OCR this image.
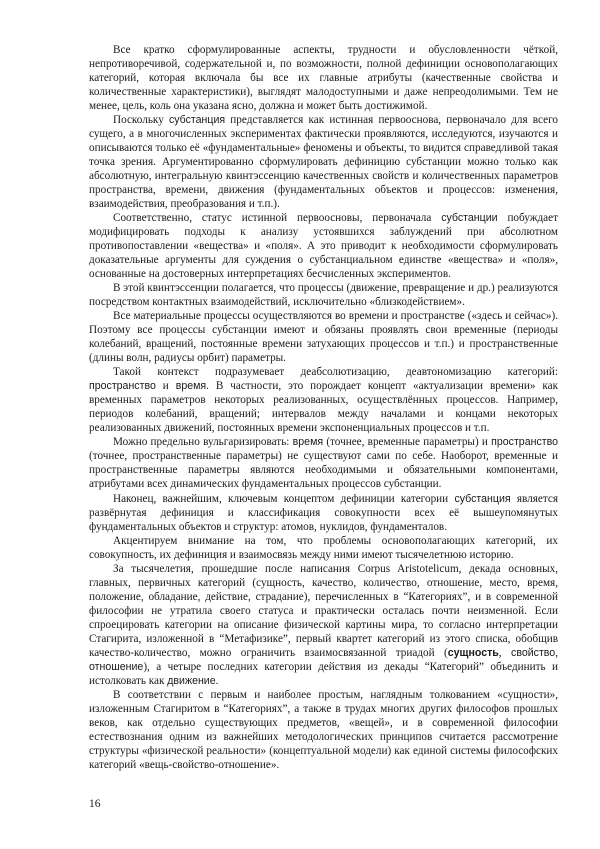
Все кратко сформулированные аспекты, трудности и обусловленности чёткой, непротиворечивой, содержательной и, по возможности, полной дефиниции основополагающих категорий, которая включала бы все их главные атрибуты (качественные свойства и количественные характеристики), выглядят малодоступными и даже непреодолимыми. Тем не менее, цель, коль она указана ясно, должна и может быть достижимой.

Поскольку субстанция представляется как истинная первооснова, первоначало для всего сущего, а в многочисленных экспериментах фактически проявляются, исследуются, изучаются и описываются только её «фундаментальные» феномены и объекты, то видится справедливой такая точка зрения. Аргументированно сформулировать дефиницию субстанции можно только как абсолютную, интегральную квинтэссенцию качественных свойств и количественных параметров пространства, времени, движения (фундаментальных объектов и процессов: изменения, взаимодействия, преобразования и т.п.).

Соответственно, статус истинной первоосновы, первоначала субстанции побуждает модифицировать подходы к анализу устоявшихся заблуждений при абсолютном противопоставлении «вещества» и «поля». А это приводит к необходимости сформулировать доказательные аргументы для суждения о субстанциальном единстве «вещества» и «поля», основанные на достоверных интерпретациях бесчисленных экспериментов.

В этой квинтэссенции полагается, что процессы (движение, превращение и др.) реализуются посредством контактных взаимодействий, исключительно «близкодействием».

Все материальные процессы осуществляются во времени и пространстве («здесь и сейчас»). Поэтому все процессы субстанции имеют и обязаны проявлять свои временные (периоды колебаний, вращений, постоянные времени затухающих процессов и т.п.) и пространственные (длины волн, радиусы орбит) параметры.

Такой контекст подразумевает деабсолютизацию, деавтономизацию категорий: пространство и время. В частности, это порождает концепт «актуализации времени» как временных параметров некоторых реализованных, осуществлённых процессов. Например, периодов колебаний, вращений; интервалов между началами и концами некоторых реализованных движений, постоянных времени экспоненциальных процессов и т.п.

Можно предельно вульгаризировать: время (точнее, временные параметры) и пространство (точнее, пространственные параметры) не существуют сами по себе. Наоборот, временные и пространственные параметры являются необходимыми и обязательными компонентами, атрибутами всех динамических фундаментальных процессов субстанции.

Наконец, важнейшим, ключевым концептом дефиниции категории субстанция является развёрнутая дефиниция и классификация совокупности всех её вышеупомянутых фундаментальных объектов и структур: атомов, нуклидов, фундаменталов.

Акцентируем внимание на том, что проблемы основополагающих категорий, их совокупность, их дефиниция и взаимосвязь между ними имеют тысячелетнюю историю.

За тысячелетия, прошедшие после написания Corpus Aristotelicum, декада основных, главных, первичных категорий (сущность, качество, количество, отношение, место, время, положение, обладание, действие, страдание), перечисленных в “Категориях”, и в современной философии не утратила своего статуса и практически осталась почти неизменной. Если спроецировать категории на описание физической картины мира, то согласно интерпретации Стагирита, изложенной в “Метафизике”, первый квартет категорий из этого списка, обобщив качество-количество, можно ограничить взаимосвязанной триадой (сущность, свойство, отношение), а четыре последних категории действия из декады “Категорий” объединить и истолковать как движение.

В соответствии с первым и наиболее простым, наглядным толкованием «сущности», изложенным Стагиритом в “Категориях”, а также в трудах многих других философов прошлых веков, как отдельно существующих предметов, «вещей», и в современной философии естествознания одним из важнейших методологических принципов считается рассмотрение структуры «физической реальности» (концептуальной модели) как единой системы философских категорий «вещь-свойство-отношение».

16
